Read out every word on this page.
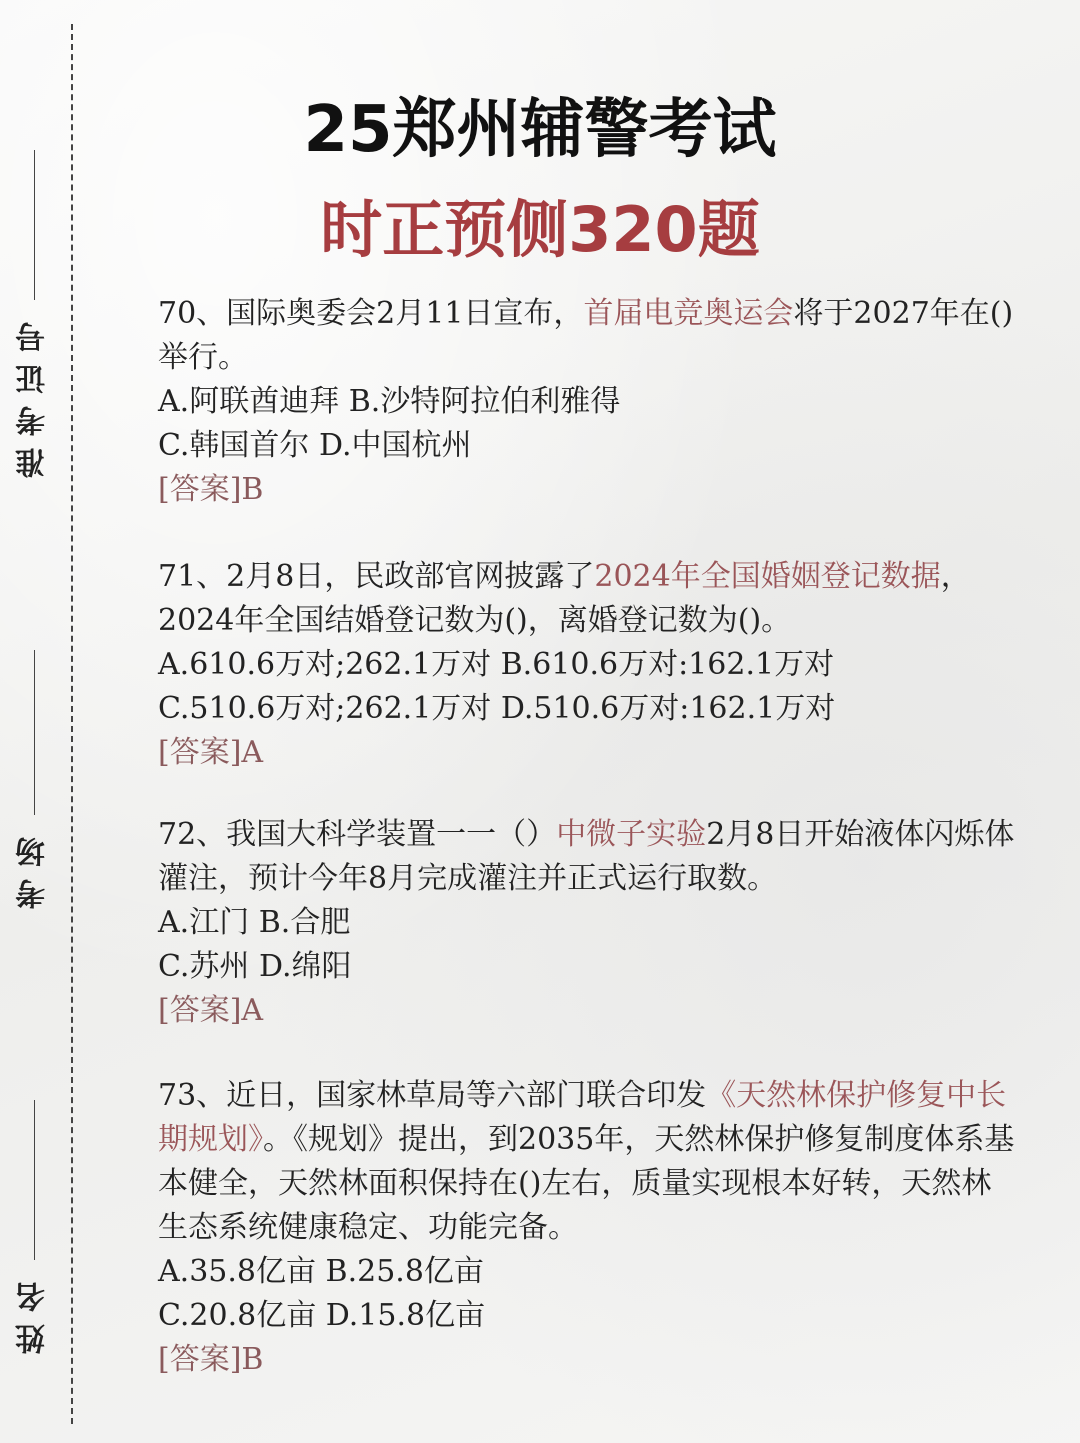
准考证号
考场
姓名
25郑州辅警考试
时正预侧320题

70、国际奥委会2月11日宣布，首届电竞奥运会将于2027年在()举行。

A.阿联酋迪拜 B.沙特阿拉伯利雅得

C.韩国首尔 D.中国杭州

[答案]B

71、2月8日，民政部官网披露了2024年全国婚姻登记数据，2024年全国结婚登记数为()，离婚登记数为()。

A.610.6万对;262.1万对 B.610.6万对:162.1万对

C.510.6万对;262.1万对 D.510.6万对:162.1万对

[答案]A

72、我国大科学装置一一（）中微子实验2月8日开始液体闪烁体灌注，预计今年8月完成灌注并正式运行取数。

A.江门 B.合肥

C.苏州 D.绵阳

[答案]A

73、近日，国家林草局等六部门联合印发《天然林保护修复中长期规划》。《规划》提出，到2035年，天然林保护修复制度体系基本健全，天然林面积保持在()左右，质量实现根本好转，天然林生态系统健康稳定、功能完备。

A.35.8亿亩 B.25.8亿亩

C.20.8亿亩 D.15.8亿亩

[答案]B
